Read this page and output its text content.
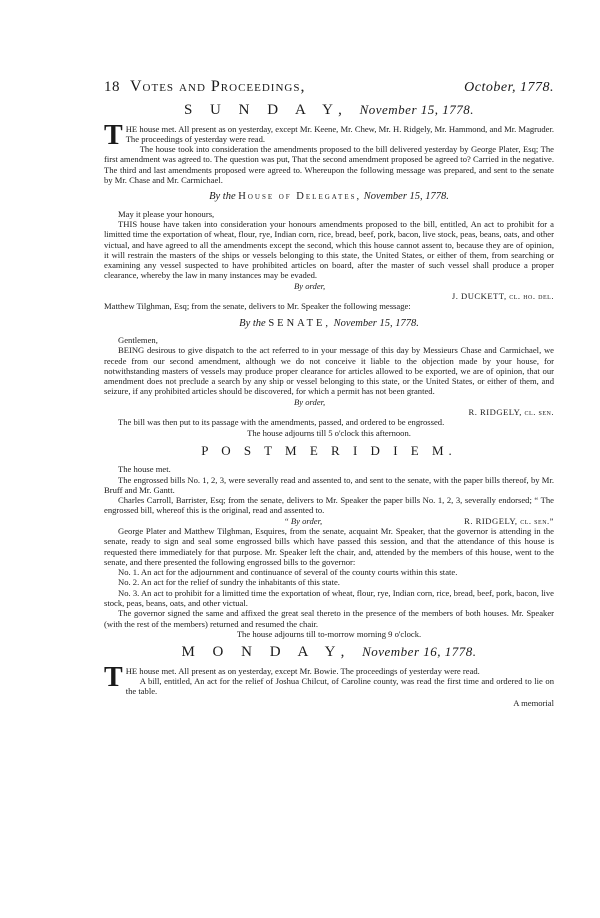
18 Votes and Proceedings,	October, 1778.
S U N D A Y, November 15, 1778.

THE house met. All present as on yesterday, except Mr. Keene, Mr. Chew, Mr. H. Ridgely, Mr. Hammond, and Mr. Magruder. The proceedings of yesterday were read.

The house took into consideration the amendments proposed to the bill delivered yesterday by George Plater, Esq; The first amendment was agreed to. The question was put, That the second amendment proposed be agreed to? Carried in the negative. The third and last amendments proposed were agreed to. Whereupon the following message was prepared, and sent to the senate by Mr. Chase and Mr. Carmichael.

By the House of Delegates, November 15, 1778.

May it please your honours,

THIS house have taken into consideration your honours amendments proposed to the bill, entitled, An act to prohibit for a limitted time the exportation of wheat, flour, rye, Indian corn, rice, bread, beef, pork, bacon, live stock, peas, beans, oats, and other victual, and have agreed to all the amendments except the second, which this house cannot assent to, because they are of opinion, it will restrain the masters of the ships or vessels belonging to this state, the United States, or either of them, from searching or examining any vessel suspected to have prohibited articles on board, after the master of such vessel shall produce a proper clearance, whereby the law in many instances may be evaded.

By order,

J. DUCKETT, cl. ho. del.

Matthew Tilghman, Esq; from the senate, delivers to Mr. Speaker the following message:

By the SENATE, November 15, 1778.

Gentlemen,

BEING desirous to give dispatch to the act referred to in your message of this day by Messieurs Chase and Carmichael, we recede from our second amendment, although we do not conceive it liable to the objection made by your house, for notwithstanding masters of vessels may produce proper clearance for articles allowed to be exported, we are of opinion, that our amendment does not preclude a search by any ship or vessel belonging to this state, or the United States, or either of them, and seizure, if any prohibited articles should be discovered, for which a permit has not been granted.

By order,

R. RIDGELY, cl. sen.

The bill was then put to its passage with the amendments, passed, and ordered to be engrossed.

The house adjourns till 5 o'clock this afternoon.

P O S T M E R I D I E M.

The house met.

The engrossed bills No. 1, 2, 3, were severally read and assented to, and sent to the senate, with the paper bills thereof, by Mr. Bruff and Mr. Gantt.

Charles Carroll, Barrister, Esq; from the senate, delivers to Mr. Speaker the paper bills No. 1, 2, 3, severally endorsed; “ The engrossed bill, whereof this is the original, read and assented to.

“ By order,	R. RIDGELY, cl. sen.”

George Plater and Matthew Tilghman, Esquires, from the senate, acquaint Mr. Speaker, that the governor is attending in the senate, ready to sign and seal some engrossed bills which have passed this session, and that the attendance of this house is requested there immediately for that purpose. Mr. Speaker left the chair, and, attended by the members of this house, went to the senate, and there presented the following engrossed bills to the governor:

No. 1. An act for the adjournment and continuance of several of the county courts within this state.

No. 2. An act for the relief of sundry the inhabitants of this state.

No. 3. An act to prohibit for a limitted time the exportation of wheat, flour, rye, Indian corn, rice, bread, beef, pork, bacon, live stock, peas, beans, oats, and other victual.

The governor signed the same and affixed the great seal thereto in the presence of the members of both houses. Mr. Speaker (with the rest of the members) returned and resumed the chair.

The house adjourns till to-morrow morning 9 o'clock.

M O N D A Y, November 16, 1778.

THE house met. All present as on yesterday, except Mr. Bowie. The proceedings of yesterday were read.

A bill, entitled, An act for the relief of Joshua Chilcut, of Caroline county, was read the first time and ordered to lie on the table.

A memorial
